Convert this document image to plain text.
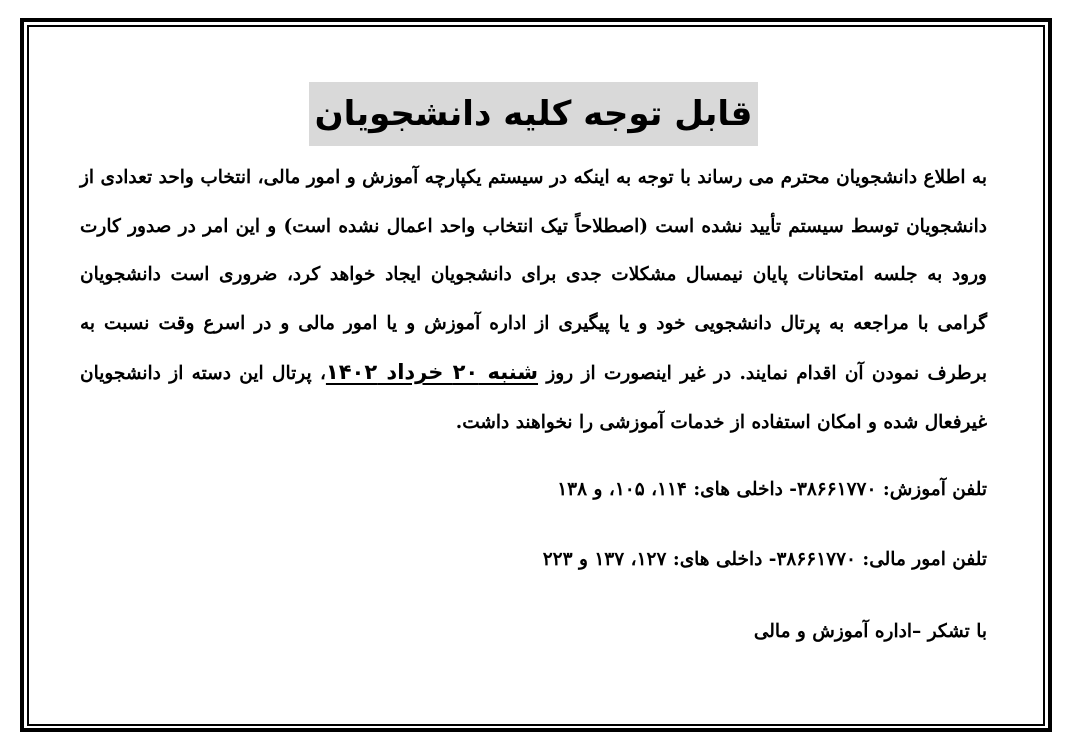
قابل توجه کلیه دانشجویان
به اطلاع دانشجویان محترم می رساند با توجه به اینکه در سیستم یکپارچه آموزش و امور مالی، انتخاب واحد تعدادی از دانشجویان توسط سیستم تأیید نشده است (اصطلاحاً تیک انتخاب واحد اعمال نشده است) و این امر در صدور کارت ورود به جلسه امتحانات پایان نیمسال مشکلات جدی برای دانشجویان ایجاد خواهد کرد، ضروری است دانشجویان گرامی با مراجعه به پرتال دانشجویی خود و یا پیگیری از اداره آموزش و یا امور مالی و در اسرع وقت نسبت به برطرف نمودن آن اقدام نمایند. در غیر اینصورت از روز شنبه ۲۰ خرداد ۱۴۰۲، پرتال این دسته از دانشجویان غیرفعال شده و امکان استفاده از خدمات آموزشی را نخواهند داشت.
تلفن آموزش: ۳۸۶۶۱۷۷۰- داخلی های: ۱۱۴، ۱۰۵، و ۱۳۸
تلفن امور مالی: ۳۸۶۶۱۷۷۰- داخلی های: ۱۲۷، ۱۳۷ و ۲۲۳
با تشکر –اداره آموزش و مالی
